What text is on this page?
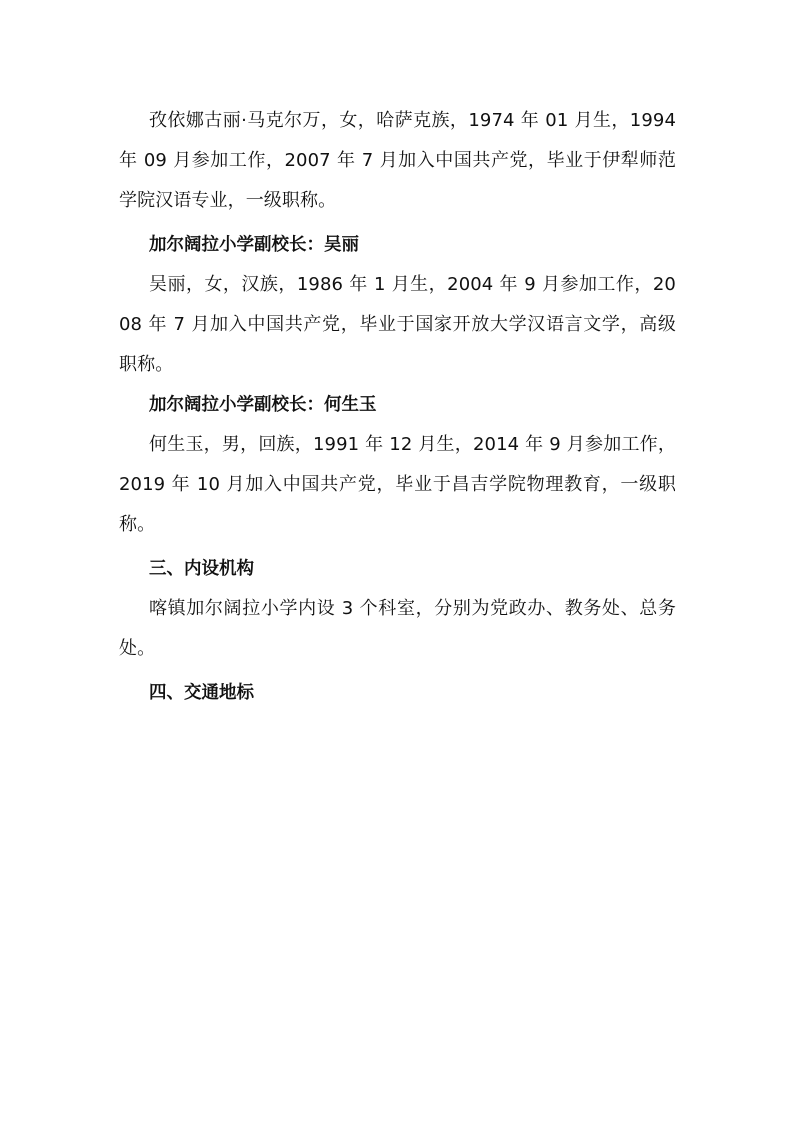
孜依娜古丽·马克尔万，女，哈萨克族，1974 年 01 月生，1994 年 09 月参加工作，2007 年 7 月加入中国共产党，毕业于伊犁师范学院汉语专业，一级职称。

加尔阔拉小学副校长：吴丽

吴丽，女，汉族，1986 年 1 月生，2004 年 9 月参加工作，2008 年 7 月加入中国共产党，毕业于国家开放大学汉语言文学，高级职称。

加尔阔拉小学副校长：何生玉

何生玉，男，回族，1991 年 12 月生，2014 年 9 月参加工作，2019 年 10 月加入中国共产党，毕业于昌吉学院物理教育，一级职称。

三、内设机构

喀镇加尔阔拉小学内设 3 个科室，分别为党政办、教务处、总务处。

四、交通地标
